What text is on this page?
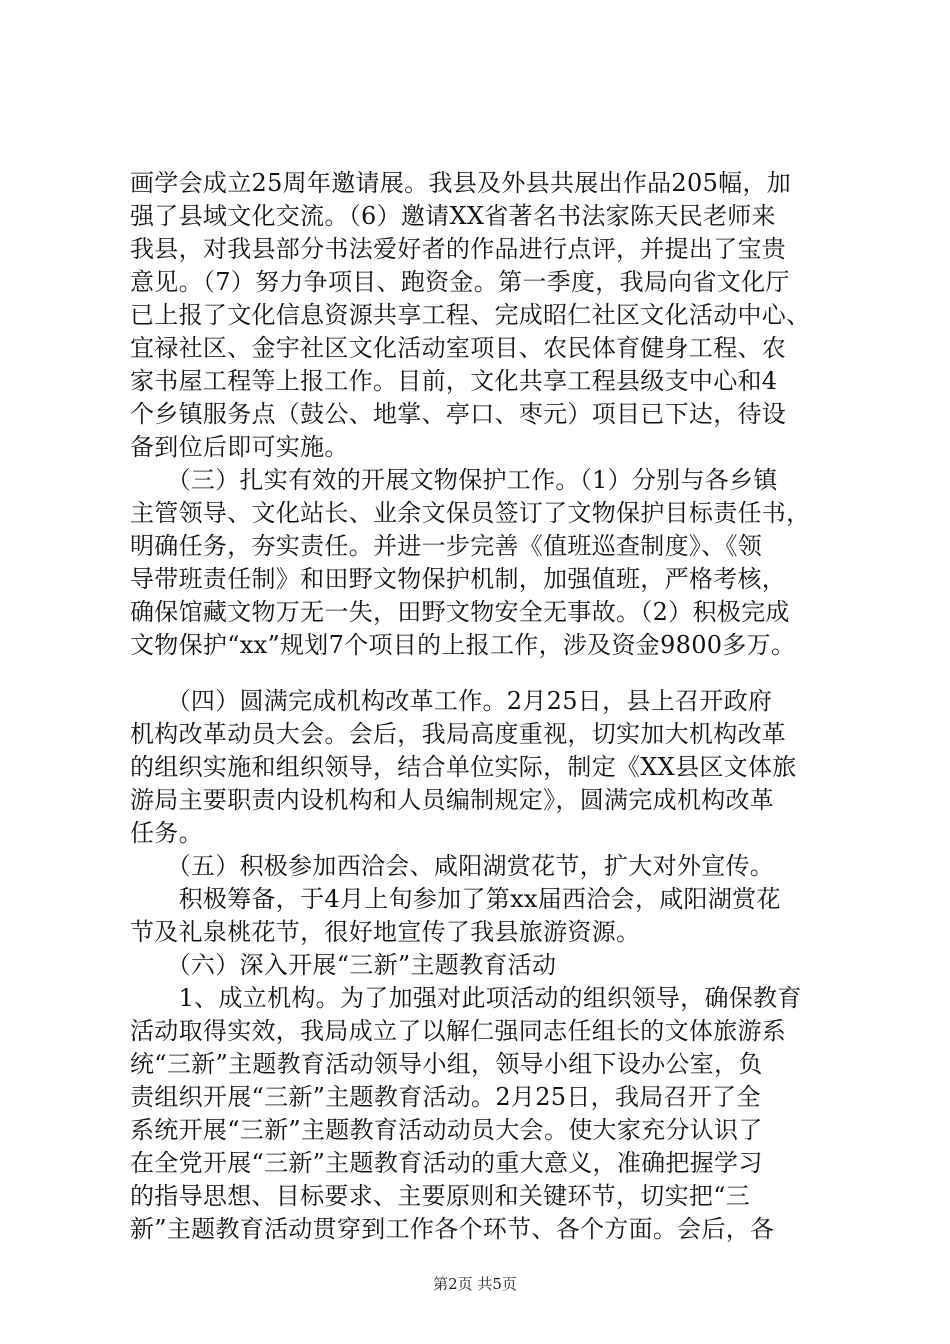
画学会成立25周年邀请展。我县及外县共展出作品205幅，加
强了县域文化交流。（6）邀请XX省著名书法家陈天民老师来
我县，对我县部分书法爱好者的作品进行点评，并提出了宝贵
意见。（7）努力争项目、跑资金。第一季度，我局向省文化厅
已上报了文化信息资源共享工程、完成昭仁社区文化活动中心、
宜禄社区、金宇社区文化活动室项目、农民体育健身工程、农
家书屋工程等上报工作。目前，文化共享工程县级支中心和4
个乡镇服务点（鼓公、地掌、亭口、枣元）项目已下达，待设
备到位后即可实施。
　　（三）扎实有效的开展文物保护工作。（1）分别与各乡镇
主管领导、文化站长、业余文保员签订了文物保护目标责任书，
明确任务，夯实责任。并进一步完善《值班巡查制度》、《领
导带班责任制》和田野文物保护机制，加强值班，严格考核，
确保馆藏文物万无一失，田野文物安全无事故。（2）积极完成
文物保护“xx”规划7个项目的上报工作，涉及资金9800多万。
　　（四）圆满完成机构改革工作。2月25日，县上召开政府
机构改革动员大会。会后，我局高度重视，切实加大机构改革
的组织实施和组织领导，结合单位实际，制定《XX县区文体旅
游局主要职责内设机构和人员编制规定》，圆满完成机构改革
任务。
　　（五）积极参加西洽会、咸阳湖赏花节，扩大对外宣传。
　　积极筹备，于4月上旬参加了第xx届西洽会，咸阳湖赏花
节及礼泉桃花节，很好地宣传了我县旅游资源。
　　（六）深入开展“三新”主题教育活动
　　1、成立机构。为了加强对此项活动的组织领导，确保教育
活动取得实效，我局成立了以解仁强同志任组长的文体旅游系
统“三新”主题教育活动领导小组，领导小组下设办公室，负
责组织开展“三新”主题教育活动。2月25日，我局召开了全
系统开展“三新”主题教育活动动员大会。使大家充分认识了
在全党开展“三新”主题教育活动的重大意义，准确把握学习
的指导思想、目标要求、主要原则和关键环节，切实把“三
新”主题教育活动贯穿到工作各个环节、各个方面。会后，各
第2页 共5页
